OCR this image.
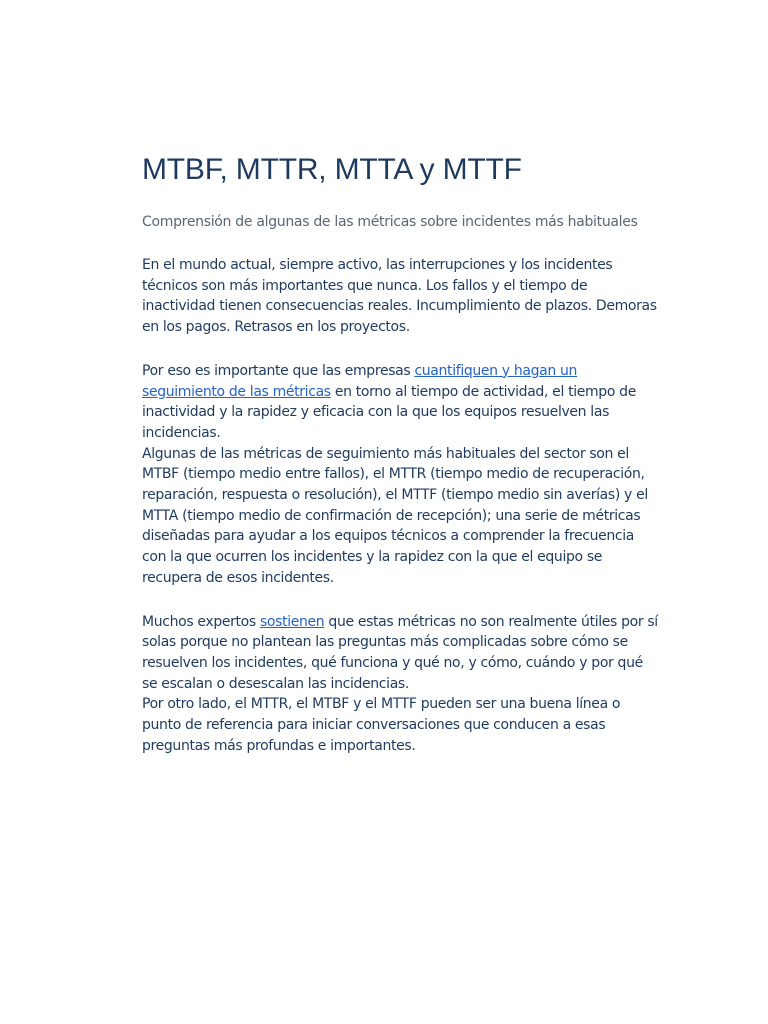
MTBF, MTTR, MTTA y MTTF

Comprensión de algunas de las métricas sobre incidentes más habituales

En el mundo actual, siempre activo, las interrupciones y los incidentes técnicos son más importantes que nunca. Los fallos y el tiempo de inactividad tienen consecuencias reales. Incumplimiento de plazos. Demoras en los pagos. Retrasos en los proyectos.

Por eso es importante que las empresas cuantifiquen y hagan un seguimiento de las métricas en torno al tiempo de actividad, el tiempo de inactividad y la rapidez y eficacia con la que los equipos resuelven las incidencias.

Algunas de las métricas de seguimiento más habituales del sector son el MTBF (tiempo medio entre fallos), el MTTR (tiempo medio de recuperación, reparación, respuesta o resolución), el MTTF (tiempo medio sin averías) y el MTTA (tiempo medio de confirmación de recepción); una serie de métricas diseñadas para ayudar a los equipos técnicos a comprender la frecuencia con la que ocurren los incidentes y la rapidez con la que el equipo se recupera de esos incidentes.

Muchos expertos sostienen que estas métricas no son realmente útiles por sí solas porque no plantean las preguntas más complicadas sobre cómo se resuelven los incidentes, qué funciona y qué no, y cómo, cuándo y por qué se escalan o desescalan las incidencias.

Por otro lado, el MTTR, el MTBF y el MTTF pueden ser una buena línea o punto de referencia para iniciar conversaciones que conducen a esas preguntas más profundas e importantes.
